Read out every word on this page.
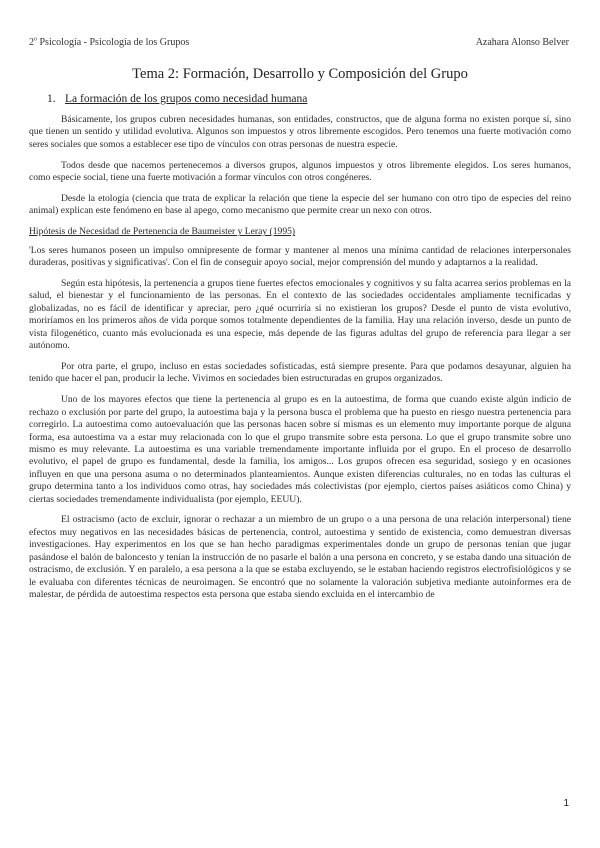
2$^o$ Psicología - Psicología de los Grupos	Azahara Alonso Belver
Tema 2: Formación, Desarrollo y Composición del Grupo
1. La formación de los grupos como necesidad humana

Básicamente, los grupos cubren necesidades humanas, son entidades, constructos, que de alguna forma no existen porque sí, sino que tienen un sentido y utilidad evolutiva. Algunos son impuestos y otros libremente escogidos. Pero tenemos una fuerte motivación como seres sociales que somos a establecer ese tipo de vínculos con otras personas de nuestra especie.

Todos desde que nacemos pertenecemos a diversos grupos, algunos impuestos y otros libremente elegidos. Los seres humanos, como especie social, tiene una fuerte motivación a formar vínculos con otros congéneres.

Desde la etología (ciencia que trata de explicar la relación que tiene la especie del ser humano con otro tipo de especies del reino animal) explican este fenómeno en base al apego, como mecanismo que permite crear un nexo con otros.

Hipótesis de Necesidad de Pertenencia de Baumeister y Leray (1995)

'Los seres humanos poseen un impulso omnipresente de formar y mantener al menos una mínima cantidad de relaciones interpersonales duraderas, positivas y significativas'. Con el fin de conseguir apoyo social, mejor comprensión del mundo y adaptarnos a la realidad.

Según esta hipótesis, la pertenencia a grupos tiene fuertes efectos emocionales y cognitivos y su falta acarrea serios problemas en la salud, el bienestar y el funcionamiento de las personas. En el contexto de las sociedades occidentales ampliamente tecnificadas y globalizadas, no es fácil de identificar y apreciar, pero ¿qué ocurriría si no existieran los grupos? Desde el punto de vista evolutivo, moriríamos en los primeros años de vida porque somos totalmente dependientes de la familia. Hay una relación inverso, desde un punto de vista filogenético, cuanto más evolucionada es una especie, más depende de las figuras adultas del grupo de referencia para llegar a ser autónomo.

Por otra parte, el grupo, incluso en estas sociedades sofisticadas, está siempre presente. Para que podamos desayunar, alguien ha tenido que hacer el pan, producir la leche. Vivimos en sociedades bien estructuradas en grupos organizados.

Uno de los mayores efectos que tiene la pertenencia al grupo es en la autoestima, de forma que cuando existe algún indicio de rechazo o exclusión por parte del grupo, la autoestima baja y la persona busca el problema que ha puesto en riesgo nuestra pertenencia para corregirlo. La autoestima como autoevaluación que las personas hacen sobre sí mismas es un elemento muy importante porque de alguna forma, esa autoestima va a estar muy relacionada con lo que el grupo transmite sobre esta persona. Lo que el grupo transmite sobre uno mismo es muy relevante. La autoestima es una variable tremendamente importante influida por el grupo. En el proceso de desarrollo evolutivo, el papel de grupo es fundamental, desde la familia, los amigos... Los grupos ofrecen esa seguridad, sosiego y en ocasiones influyen en que una persona asuma o no determinados planteamientos. Aunque existen diferencias culturales, no en todas las culturas el grupo determina tanto a los individuos como otras, hay sociedades más colectivistas (por ejemplo, ciertos países asiáticos como China) y ciertas sociedades tremendamente individualista (por ejemplo, EEUU).

El ostracismo (acto de excluir, ignorar o rechazar a un miembro de un grupo o a una persona de una relación interpersonal) tiene efectos muy negativos en las necesidades básicas de pertenencia, control, autoestima y sentido de existencia, como demuestran diversas investigaciones. Hay experimentos en los que se han hecho paradigmas experimentales donde un grupo de personas tenían que jugar pasándose el balón de baloncesto y tenían la instrucción de no pasarle el balón a una persona en concreto, y se estaba dando una situación de ostracismo, de exclusión. Y en paralelo, a esa persona a la que se estaba excluyendo, se le estaban haciendo registros electrofisiológicos y se le evaluaba con diferentes técnicas de neuroimagen. Se encontró que no solamente la valoración subjetiva mediante autoinformes era de malestar, de pérdida de autoestima respectos esta persona que estaba siendo excluida en el intercambio de

1
